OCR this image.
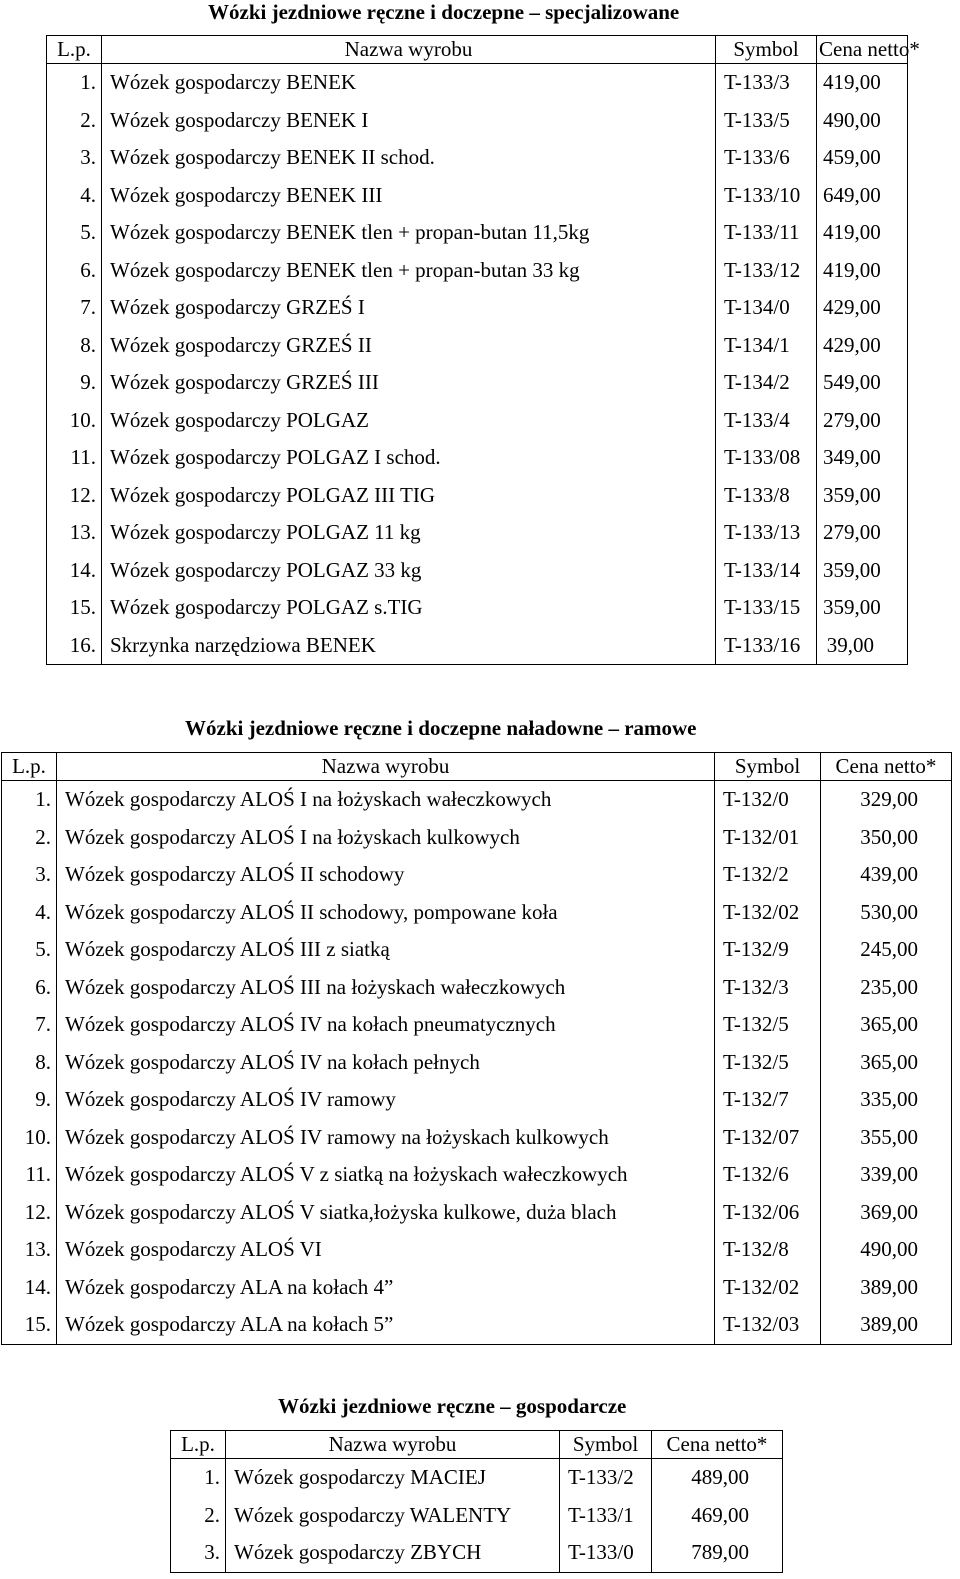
Wózki jezdniowe ręczne i doczepne – specjalizowane
L.p.	Nazwa wyrobu	Symbol	Cena netto*
1.	Wózek gospodarczy BENEK	T-133/3	419,00
2.	Wózek gospodarczy BENEK I	T-133/5	490,00
3.	Wózek gospodarczy BENEK II schod.	T-133/6	459,00
4.	Wózek gospodarczy BENEK III	T-133/10	649,00
5.	Wózek gospodarczy BENEK tlen + propan-butan 11,5kg	T-133/11	419,00
6.	Wózek gospodarczy BENEK tlen + propan-butan 33 kg	T-133/12	419,00
7.	Wózek gospodarczy GRZEŚ I	T-134/0	429,00
8.	Wózek gospodarczy GRZEŚ II	T-134/1	429,00
9.	Wózek gospodarczy GRZEŚ III	T-134/2	549,00
10.	Wózek gospodarczy POLGAZ	T-133/4	279,00
11.	Wózek gospodarczy POLGAZ I schod.	T-133/08	349,00
12.	Wózek gospodarczy POLGAZ III TIG	T-133/8	359,00
13.	Wózek gospodarczy POLGAZ 11 kg	T-133/13	279,00
14.	Wózek gospodarczy POLGAZ 33 kg	T-133/14	359,00
15.	Wózek gospodarczy POLGAZ s.TIG	T-133/15	359,00
16.	Skrzynka narzędziowa BENEK	T-133/16	39,00
Wózki jezdniowe ręczne i doczepne naładowne – ramowe
L.p.	Nazwa wyrobu	Symbol	Cena netto*
1.	Wózek gospodarczy ALOŚ I na łożyskach wałeczkowych	T-132/0	329,00
2.	Wózek gospodarczy ALOŚ I na łożyskach kulkowych	T-132/01	350,00
3.	Wózek gospodarczy ALOŚ II schodowy	T-132/2	439,00
4.	Wózek gospodarczy ALOŚ II schodowy, pompowane koła	T-132/02	530,00
5.	Wózek gospodarczy ALOŚ III z siatką	T-132/9	245,00
6.	Wózek gospodarczy ALOŚ III na łożyskach wałeczkowych	T-132/3	235,00
7.	Wózek gospodarczy ALOŚ IV na kołach pneumatycznych	T-132/5	365,00
8.	Wózek gospodarczy ALOŚ IV na kołach pełnych	T-132/5	365,00
9.	Wózek gospodarczy ALOŚ IV ramowy	T-132/7	335,00
10.	Wózek gospodarczy ALOŚ IV ramowy na łożyskach kulkowych	T-132/07	355,00
11.	Wózek gospodarczy ALOŚ V z siatką na łożyskach wałeczkowych	T-132/6	339,00
12.	Wózek gospodarczy ALOŚ V siatka,łożyska kulkowe, duża blach	T-132/06	369,00
13.	Wózek gospodarczy ALOŚ VI	T-132/8	490,00
14.	Wózek gospodarczy ALA na kołach 4”	T-132/02	389,00
15.	Wózek gospodarczy ALA na kołach 5”	T-132/03	389,00
Wózki jezdniowe ręczne – gospodarcze
L.p.	Nazwa wyrobu	Symbol	Cena netto*
1.	Wózek gospodarczy MACIEJ	T-133/2	489,00
2.	Wózek gospodarczy WALENTY	T-133/1	469,00
3.	Wózek gospodarczy ZBYCH	T-133/0	789,00
